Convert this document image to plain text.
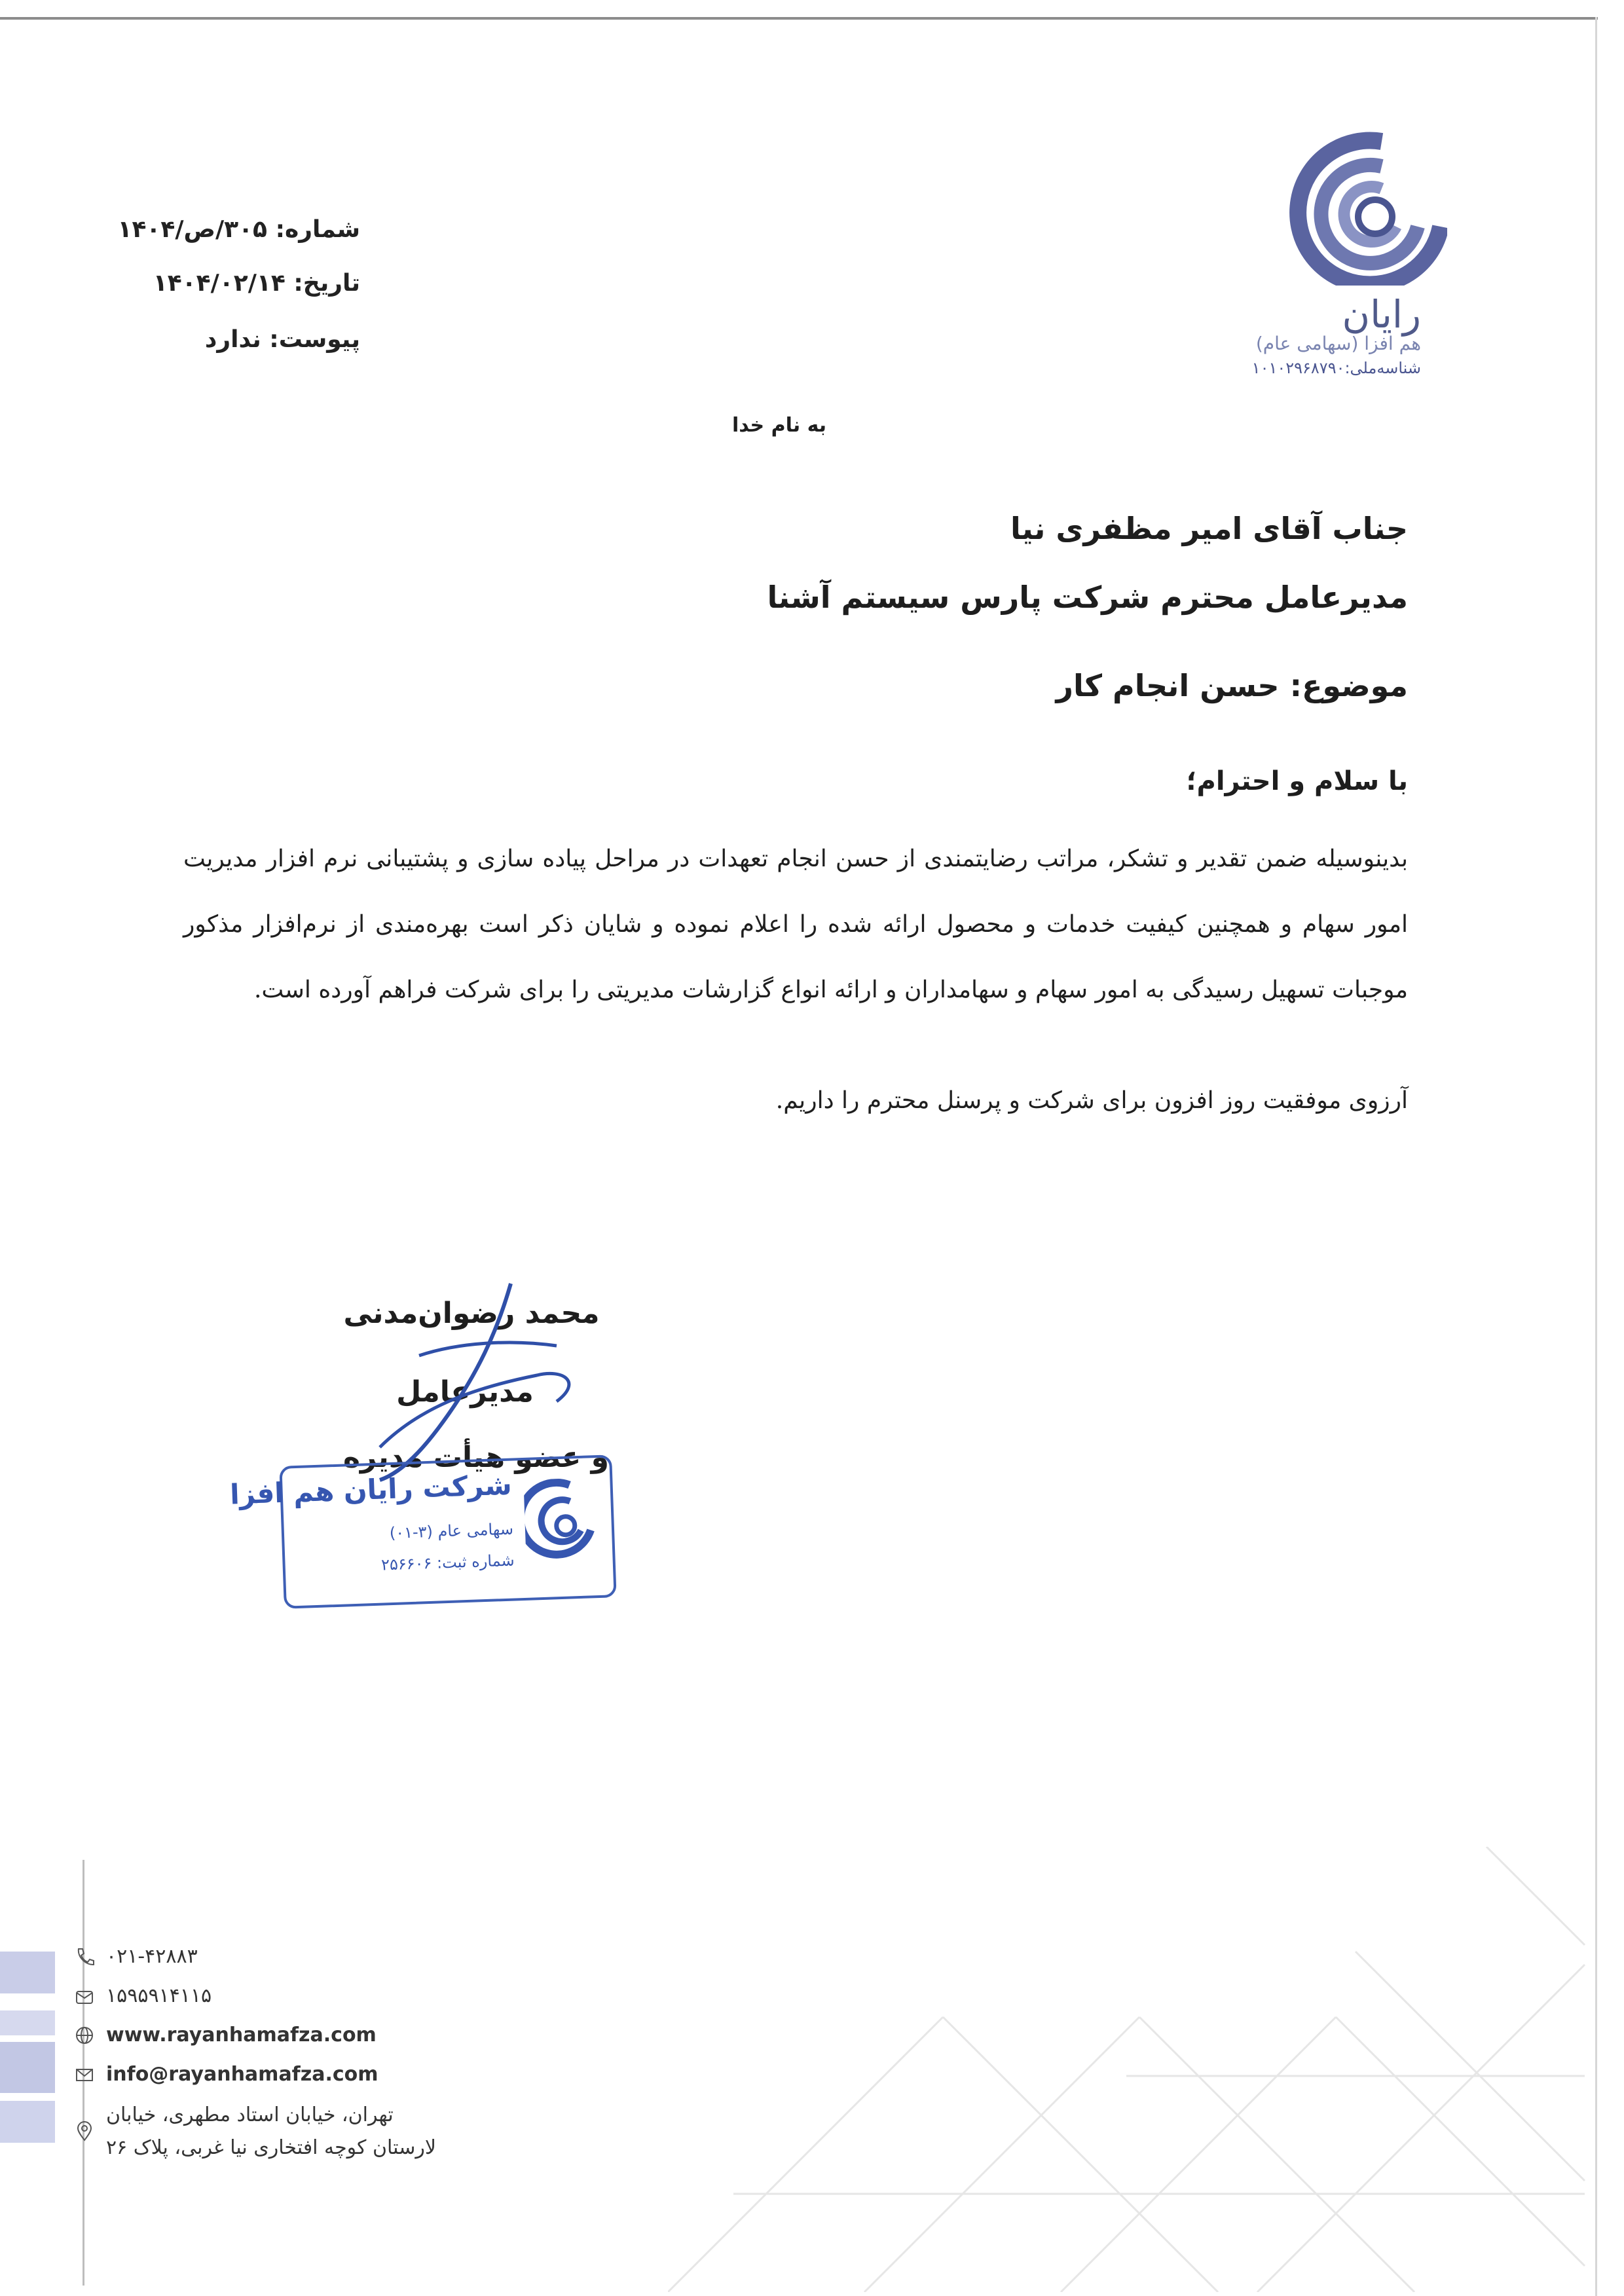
رایان
هم افزا (سهامی عام)
شناسه‌ملی:۱۰۱۰۲۹۶۸۷۹۰
شماره: ۳۰۵/ص/۱۴۰۴
تاریخ: ۱۴۰۴/۰۲/۱۴
پیوست: ندارد
به نام خدا
جناب آقای امیر مظفری نیا
مدیرعامل محترم شرکت پارس سیستم آشنا
موضوع: حسن انجام کار
با سلام و احترام؛
بدینوسیله ضمن تقدیر و تشکر، مراتب رضایتمندی از حسن انجام تعهدات در مراحل پیاده سازی و پشتیبانی نرم افزار مدیریت امور سهام و همچنین کیفیت خدمات و محصول ارائه شده را اعلام نموده و شایان ذکر است بهره‌مندی از نرم‌افزار مذکور موجبات تسهیل رسیدگی به امور سهام و سهامداران و ارائه انواع گزارشات مدیریتی را برای شرکت فراهم آورده است.
آرزوی موفقیت روز افزون برای شرکت و پرسنل محترم را داریم.
محمد رضوان‌مدنی
مدیرعامل
و عضو هیأت مدیره
شرکت رایان هم افزا
سهامی عام (۳-۰۱)
شماره ثبت: ۲۵۶۶۰۶
۰۲۱-۴۲۸۸۳
۱۵۹۵۹۱۴۱۱۵
www.rayanhamafza.com
info@rayanhamafza.com
تهران، خیابان استاد مطهری، خیابان
لارستان کوچه افتخاری نیا غربی، پلاک ۲۶
